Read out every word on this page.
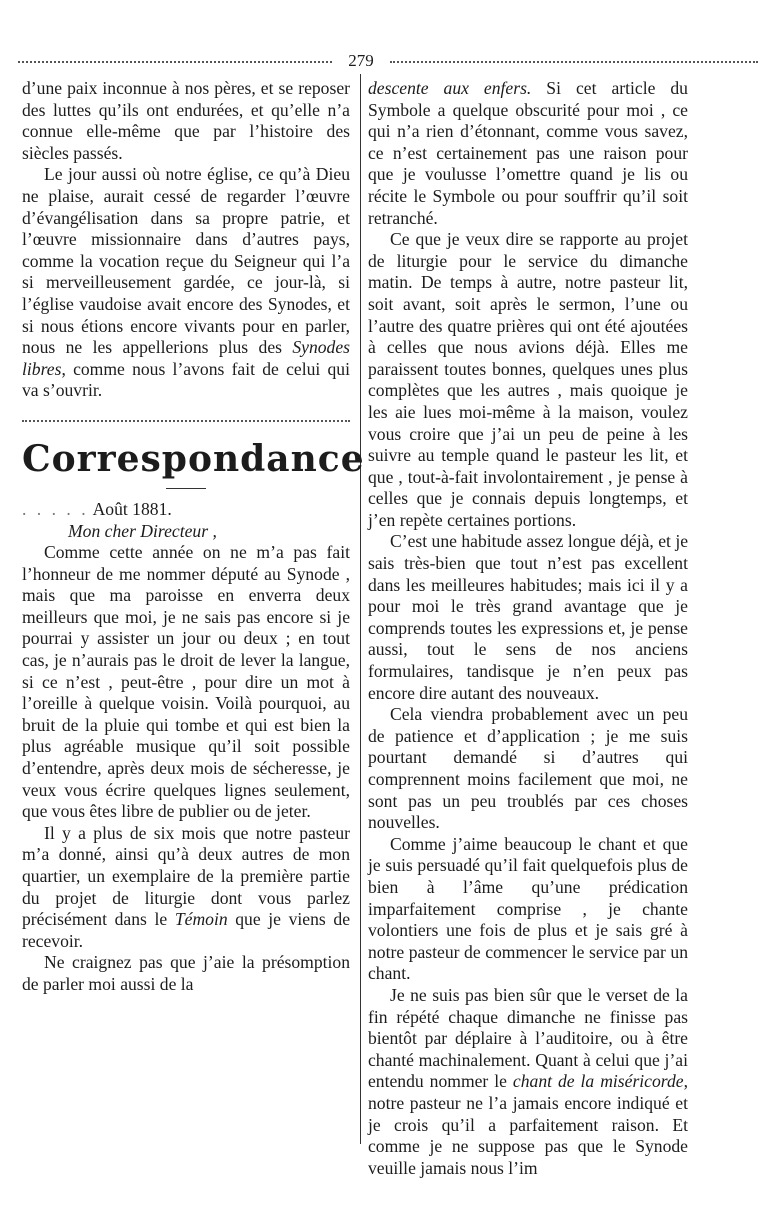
279

d’une paix inconnue à nos pères, et se reposer des luttes qu’ils ont endurées, et qu’elle n’a connue elle-même que par l’histoire des siècles passés.

Le jour aussi où notre église, ce qu’à Dieu ne plaise, aurait cessé de regarder l’œuvre d’évangélisation dans sa propre patrie, et l’œuvre missionnaire dans d’autres pays, comme la vocation reçue du Seigneur qui l’a si merveilleusement gardée, ce jour-là, si l’église vaudoise avait encore des Synodes, et si nous étions encore vivants pour en parler, nous ne les appellerions plus des Synodes libres, comme nous l’avons fait de celui qui va s’ouvrir.

Correspondance

. . . . . Août 1881.

Mon cher Directeur ,

Comme cette année on ne m’a pas fait l’honneur de me nommer député au Synode , mais que ma paroisse en enverra deux meilleurs que moi, je ne sais pas encore si je pourrai y assister un jour ou deux ; en tout cas, je n’aurais pas le droit de lever la langue, si ce n’est , peut-être , pour dire un mot à l’oreille à quelque voisin. Voilà pourquoi, au bruit de la pluie qui tombe et qui est bien la plus agréable musique qu’il soit possible d’entendre, après deux mois de sécheresse, je veux vous écrire quelques lignes seulement, que vous êtes libre de publier ou de jeter.

Il y a plus de six mois que notre pasteur m’a donné, ainsi qu’à deux autres de mon quartier, un exemplaire de la première partie du projet de liturgie dont vous parlez précisément dans le Témoin que je viens de recevoir.

Ne craignez pas que j’aie la présomption de parler moi aussi de la

descente aux enfers. Si cet article du Symbole a quelque obscurité pour moi , ce qui n’a rien d’étonnant, comme vous savez, ce n’est certainement pas une raison pour que je voulusse l’omettre quand je lis ou récite le Symbole ou pour souffrir qu’il soit retranché.

Ce que je veux dire se rapporte au projet de liturgie pour le service du dimanche matin. De temps à autre, notre pasteur lit, soit avant, soit après le sermon, l’une ou l’autre des quatre prières qui ont été ajoutées à celles que nous avions déjà. Elles me paraissent toutes bonnes, quelques unes plus complètes que les autres , mais quoique je les aie lues moi-même à la maison, voulez vous croire que j’ai un peu de peine à les suivre au temple quand le pasteur les lit, et que , tout-à-fait involontairement , je pense à celles que je connais depuis longtemps, et j’en repète certaines portions.

C’est une habitude assez longue déjà, et je sais très-bien que tout n’est pas excellent dans les meilleures habitudes; mais ici il y a pour moi le très grand avantage que je comprends toutes les expressions et, je pense aussi, tout le sens de nos anciens formulaires, tandisque je n’en peux pas encore dire autant des nouveaux.

Cela viendra probablement avec un peu de patience et d’application ; je me suis pourtant demandé si d’autres qui comprennent moins facilement que moi, ne sont pas un peu troublés par ces choses nouvelles.

Comme j’aime beaucoup le chant et que je suis persuadé qu’il fait quelquefois plus de bien à l’âme qu’une prédication imparfaitement comprise , je chante volontiers une fois de plus et je sais gré à notre pasteur de commencer le service par un chant.

Je ne suis pas bien sûr que le verset de la fin répété chaque dimanche ne finisse pas bientôt par déplaire à l’auditoire, ou à être chanté machinalement. Quant à celui que j’ai entendu nommer le chant de la miséricorde, notre pasteur ne l’a jamais encore indiqué et je crois qu’il a parfaitement raison. Et comme je ne suppose pas que le Synode veuille jamais nous l’im
